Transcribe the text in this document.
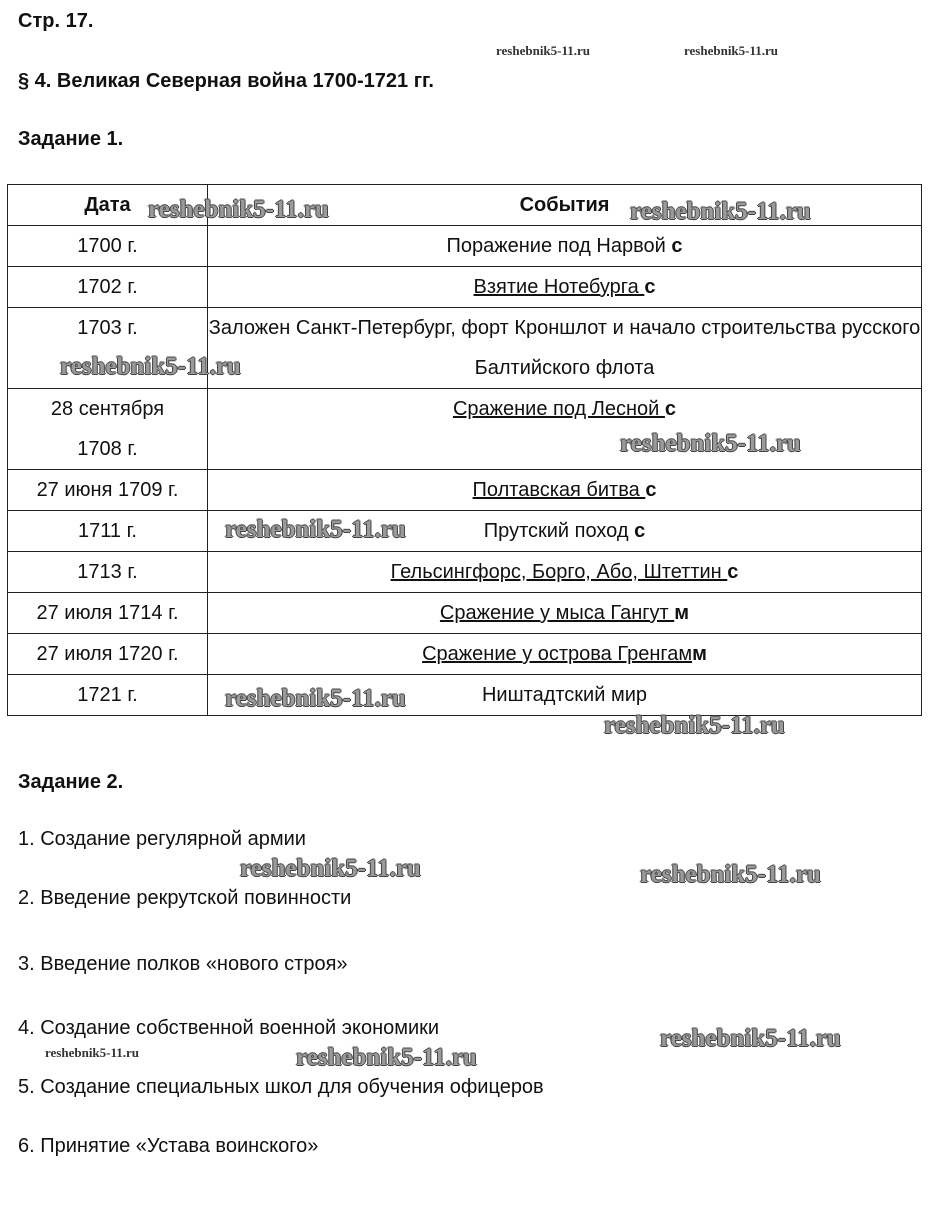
Стр. 17.
§ 4. Великая Северная война 1700-1721 гг.
Задание 1.
Дата	События

1700 г.	Поражение под Нарвой с

1702 г.	Взятие Нотебурга с

1703 г.	Заложен Санкт-Петербург, форт Кроншлот и начало строительства русского Балтийского флота

28 сентября
1708 г.	Сражение под Лесной с

27 июня 1709 г.	Полтавская битва с

1711 г.	Прутский поход с

1713 г.	Гельсингфорс, Борго, Або, Штеттин с

27 июля 1714 г.	Сражение у мыса Гангут м

27 июля 1720 г.	Сражение у острова Гренгамм

1721 г.	Ништадтский мир
Задание 2.
1. Создание регулярной армии
2. Введение рекрутской повинности
3. Введение полков «нового строя»
4. Создание собственной военной экономики
5. Создание специальных школ для обучения офицеров
6. Принятие «Устава воинского»
reshebnik5-11.ru	reshebnik5-11.ru
reshebnik5-11.ru	reshebnik5-11.ru
reshebnik5-11.ru
reshebnik5-11.ru
reshebnik5-11.ru
reshebnik5-11.ru
reshebnik5-11.ru
reshebnik5-11.ru	reshebnik5-11.ru
reshebnik5-11.ru
reshebnik5-11.ru
reshebnik5-11.ru
